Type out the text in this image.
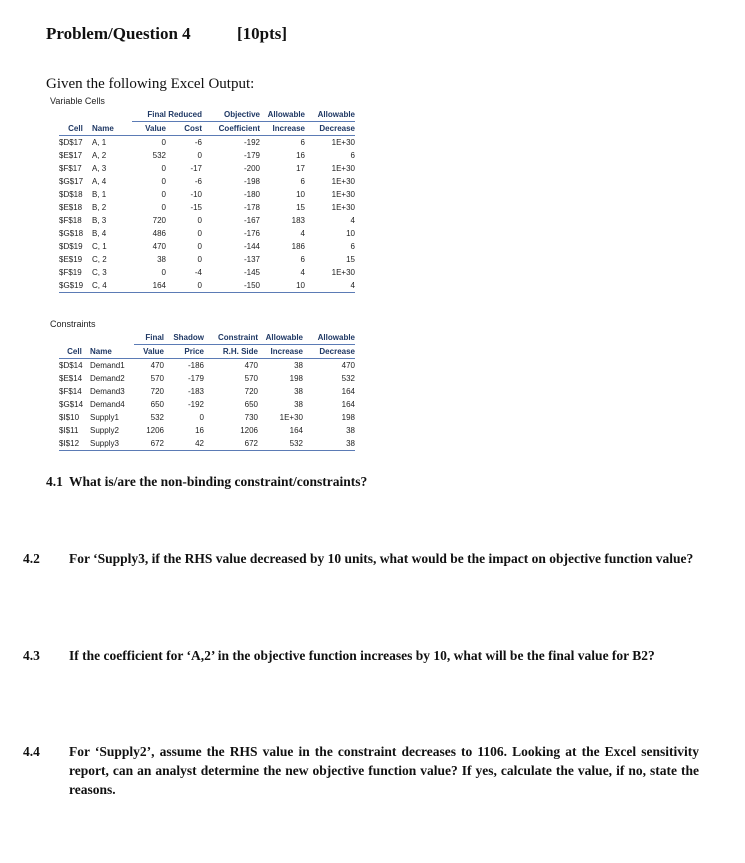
Problem/Question 4	[10pts]
Given the following Excel Output:
Variable Cells
		Final	Reduced	Objective	Allowable	Allowable
Cell	Name	Value	Cost	Coefficient	Increase	Decrease
$D$17	A, 1	0	-6	-192	6	1E+30
$E$17	A, 2	532	0	-179	16	6
$F$17	A, 3	0	-17	-200	17	1E+30
$G$17	A, 4	0	-6	-198	6	1E+30
$D$18	B, 1	0	-10	-180	10	1E+30
$E$18	B, 2	0	-15	-178	15	1E+30
$F$18	B, 3	720	0	-167	183	4
$G$18	B, 4	486	0	-176	4	10
$D$19	C, 1	470	0	-144	186	6
$E$19	C, 2	38	0	-137	6	15
$F$19	C, 3	0	-4	-145	4	1E+30
$G$19	C, 4	164	0	-150	10	4
Constraints
		Final	Shadow	Constraint	Allowable	Allowable
Cell	Name	Value	Price	R.H. Side	Increase	Decrease
$D$14	Demand1	470	-186	470	38	470
$E$14	Demand2	570	-179	570	198	532
$F$14	Demand3	720	-183	720	38	164
$G$14	Demand4	650	-192	650	38	164
$I$10	Supply1	532	0	730	1E+30	198
$I$11	Supply2	1206	16	1206	164	38
$I$12	Supply3	672	42	672	532	38
4.1 What is/are the non-binding constraint/constraints?
4.2 For ‘Supply3, if the RHS value decreased by 10 units, what would be the impact on objective function value?
4.3 If the coefficient for ‘A,2’ in the objective function increases by 10, what will be the final value for B2?
4.4 For ‘Supply2’, assume the RHS value in the constraint decreases to 1106. Looking at the Excel sensitivity report, can an analyst determine the new objective function value? If yes, calculate the value, if no, state the reasons.
